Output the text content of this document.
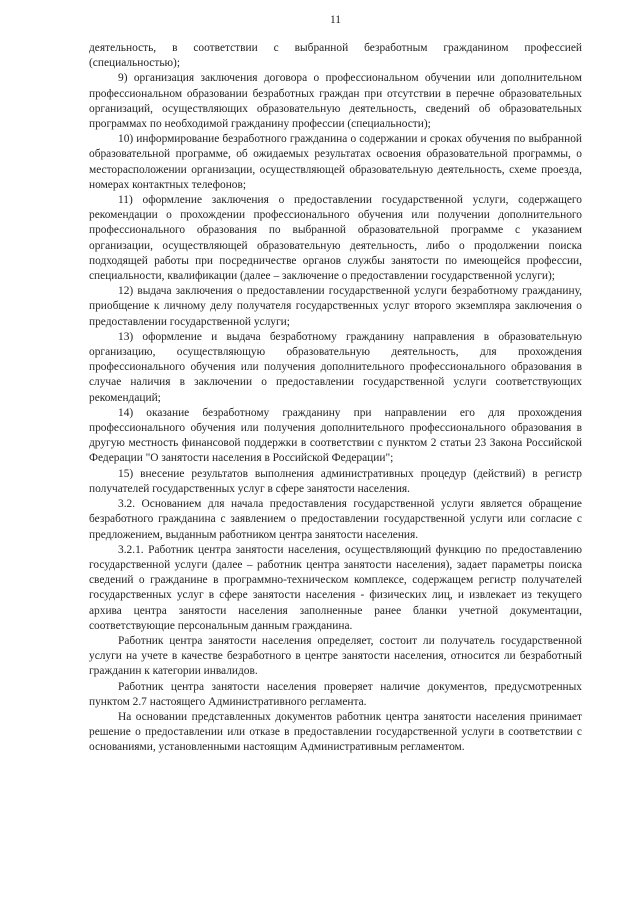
11

деятельность, в соответствии с выбранной безработным гражданином профессией (специальностью);

9) организация заключения договора о профессиональном обучении или дополнительном профессиональном образовании безработных граждан при отсутствии в перечне образовательных организаций, осуществляющих образовательную деятельность, сведений об образовательных программах по необходимой гражданину профессии (специальности);

10) информирование безработного гражданина о содержании и сроках обучения по выбранной образовательной программе, об ожидаемых результатах освоения образовательной программы, о месторасположении организации, осуществляющей образовательную деятельность, схеме проезда, номерах контактных телефонов;

11) оформление заключения о предоставлении государственной услуги, содержащего рекомендации о прохождении профессионального обучения или получении дополнительного профессионального образования по выбранной образовательной программе с указанием организации, осуществляющей образовательную деятельность, либо о продолжении поиска подходящей работы при посредничестве органов службы занятости по имеющейся профессии, специальности, квалификации (далее – заключение о предоставлении государственной услуги);

12) выдача заключения о предоставлении государственной услуги безработному гражданину, приобщение к личному делу получателя государственных услуг второго экземпляра заключения о предоставлении государственной услуги;

13) оформление и выдача безработному гражданину направления в образовательную организацию, осуществляющую образовательную деятельность, для прохождения профессионального обучения или получения дополнительного профессионального образования в случае наличия в заключении о предоставлении государственной услуги соответствующих рекомендаций;

14) оказание безработному гражданину при направлении его для прохождения профессионального обучения или получения дополнительного профессионального образования в другую местность финансовой поддержки в соответствии с пунктом 2 статьи 23 Закона Российской Федерации "О занятости населения в Российской Федерации";

15) внесение результатов выполнения административных процедур (действий) в регистр получателей государственных услуг в сфере занятости населения.

3.2. Основанием для начала предоставления государственной услуги является обращение безработного гражданина с заявлением о предоставлении государственной услуги или согласие с предложением, выданным работником центра занятости населения.

3.2.1. Работник центра занятости населения, осуществляющий функцию по предоставлению государственной услуги (далее – работник центра занятости населения), задает параметры поиска сведений о гражданине в программно-техническом комплексе, содержащем регистр получателей государственных услуг в сфере занятости населения - физических лиц, и извлекает из текущего архива центра занятости населения заполненные ранее бланки учетной документации, соответствующие персональным данным гражданина.

Работник центра занятости населения определяет, состоит ли получатель государственной услуги на учете в качестве безработного в центре занятости населения, относится ли безработный гражданин к категории инвалидов.

Работник центра занятости населения проверяет наличие документов, предусмотренных пунктом 2.7 настоящего Административного регламента.

На основании представленных документов работник центра занятости населения принимает решение о предоставлении или отказе в предоставлении государственной услуги в соответствии с основаниями, установленными настоящим Административным регламентом.
